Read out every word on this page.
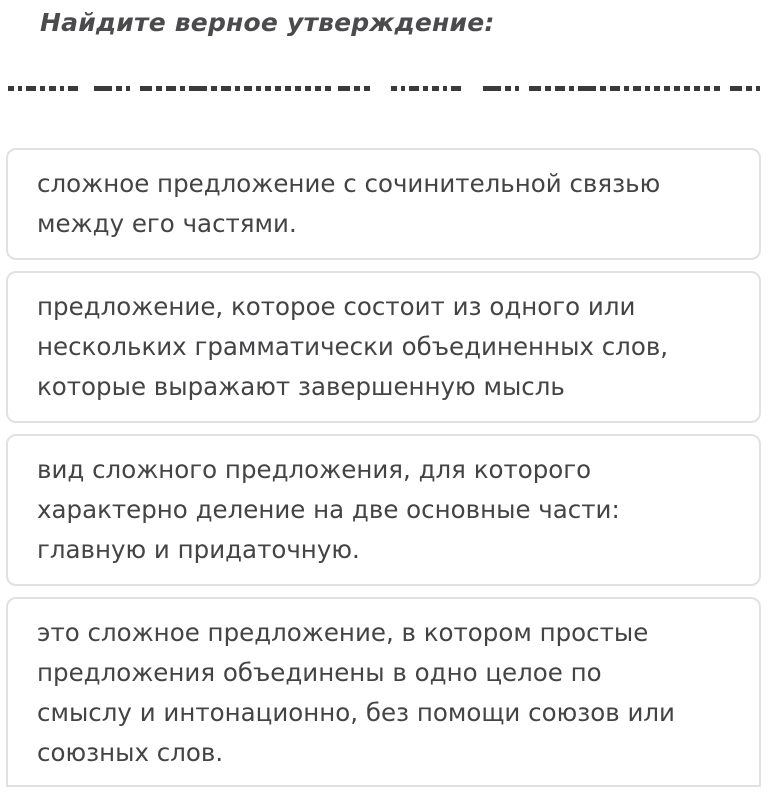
Найдите верное утверждение:
сложное предложение с сочинительной связью
между его частями.
предложение, которое состоит из одного или
нескольких грамматически объединенных слов,
которые выражают завершенную мысль
вид сложного предложения, для которого
характерно деление на две основные части:
главную и придаточную.
это сложное предложение, в котором простые
предложения объединены в одно целое по
смыслу и интонационно, без помощи союзов или
союзных слов.
